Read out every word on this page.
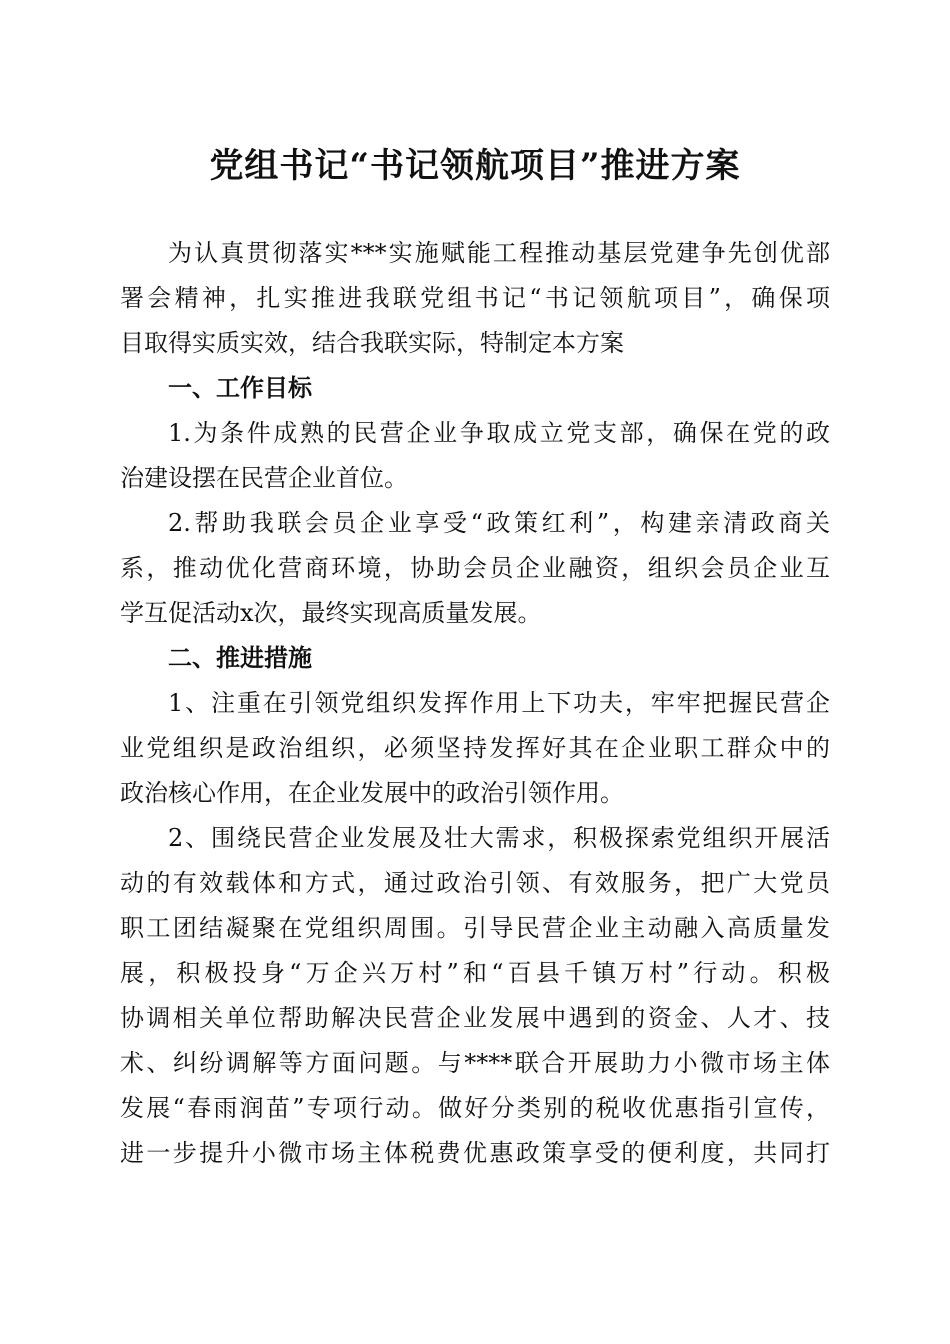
党组书记“书记领航项目”推进方案
为认真贯彻落实***实施赋能工程推动基层党建争先创优部
署会精神，扎实推进我联党组书记“书记领航项目”，确保项
目取得实质实效，结合我联实际，特制定本方案
一、工作目标
1.为条件成熟的民营企业争取成立党支部，确保在党的政
治建设摆在民营企业首位。
2.帮助我联会员企业享受“政策红利”，构建亲清政商关
系，推动优化营商环境，协助会员企业融资，组织会员企业互
学互促活动x次，最终实现高质量发展。
二、推进措施
1、注重在引领党组织发挥作用上下功夫，牢牢把握民营企
业党组织是政治组织，必须坚持发挥好其在企业职工群众中的
政治核心作用，在企业发展中的政治引领作用。
2、围绕民营企业发展及壮大需求，积极探索党组织开展活
动的有效载体和方式，通过政治引领、有效服务，把广大党员
职工团结凝聚在党组织周围。引导民营企业主动融入高质量发
展，积极投身“万企兴万村”和“百县千镇万村”行动。积极
协调相关单位帮助解决民营企业发展中遇到的资金、人才、技
术、纠纷调解等方面问题。与****联合开展助力小微市场主体
发展“春雨润苗”专项行动。做好分类别的税收优惠指引宣传，
进一步提升小微市场主体税费优惠政策享受的便利度，共同打
